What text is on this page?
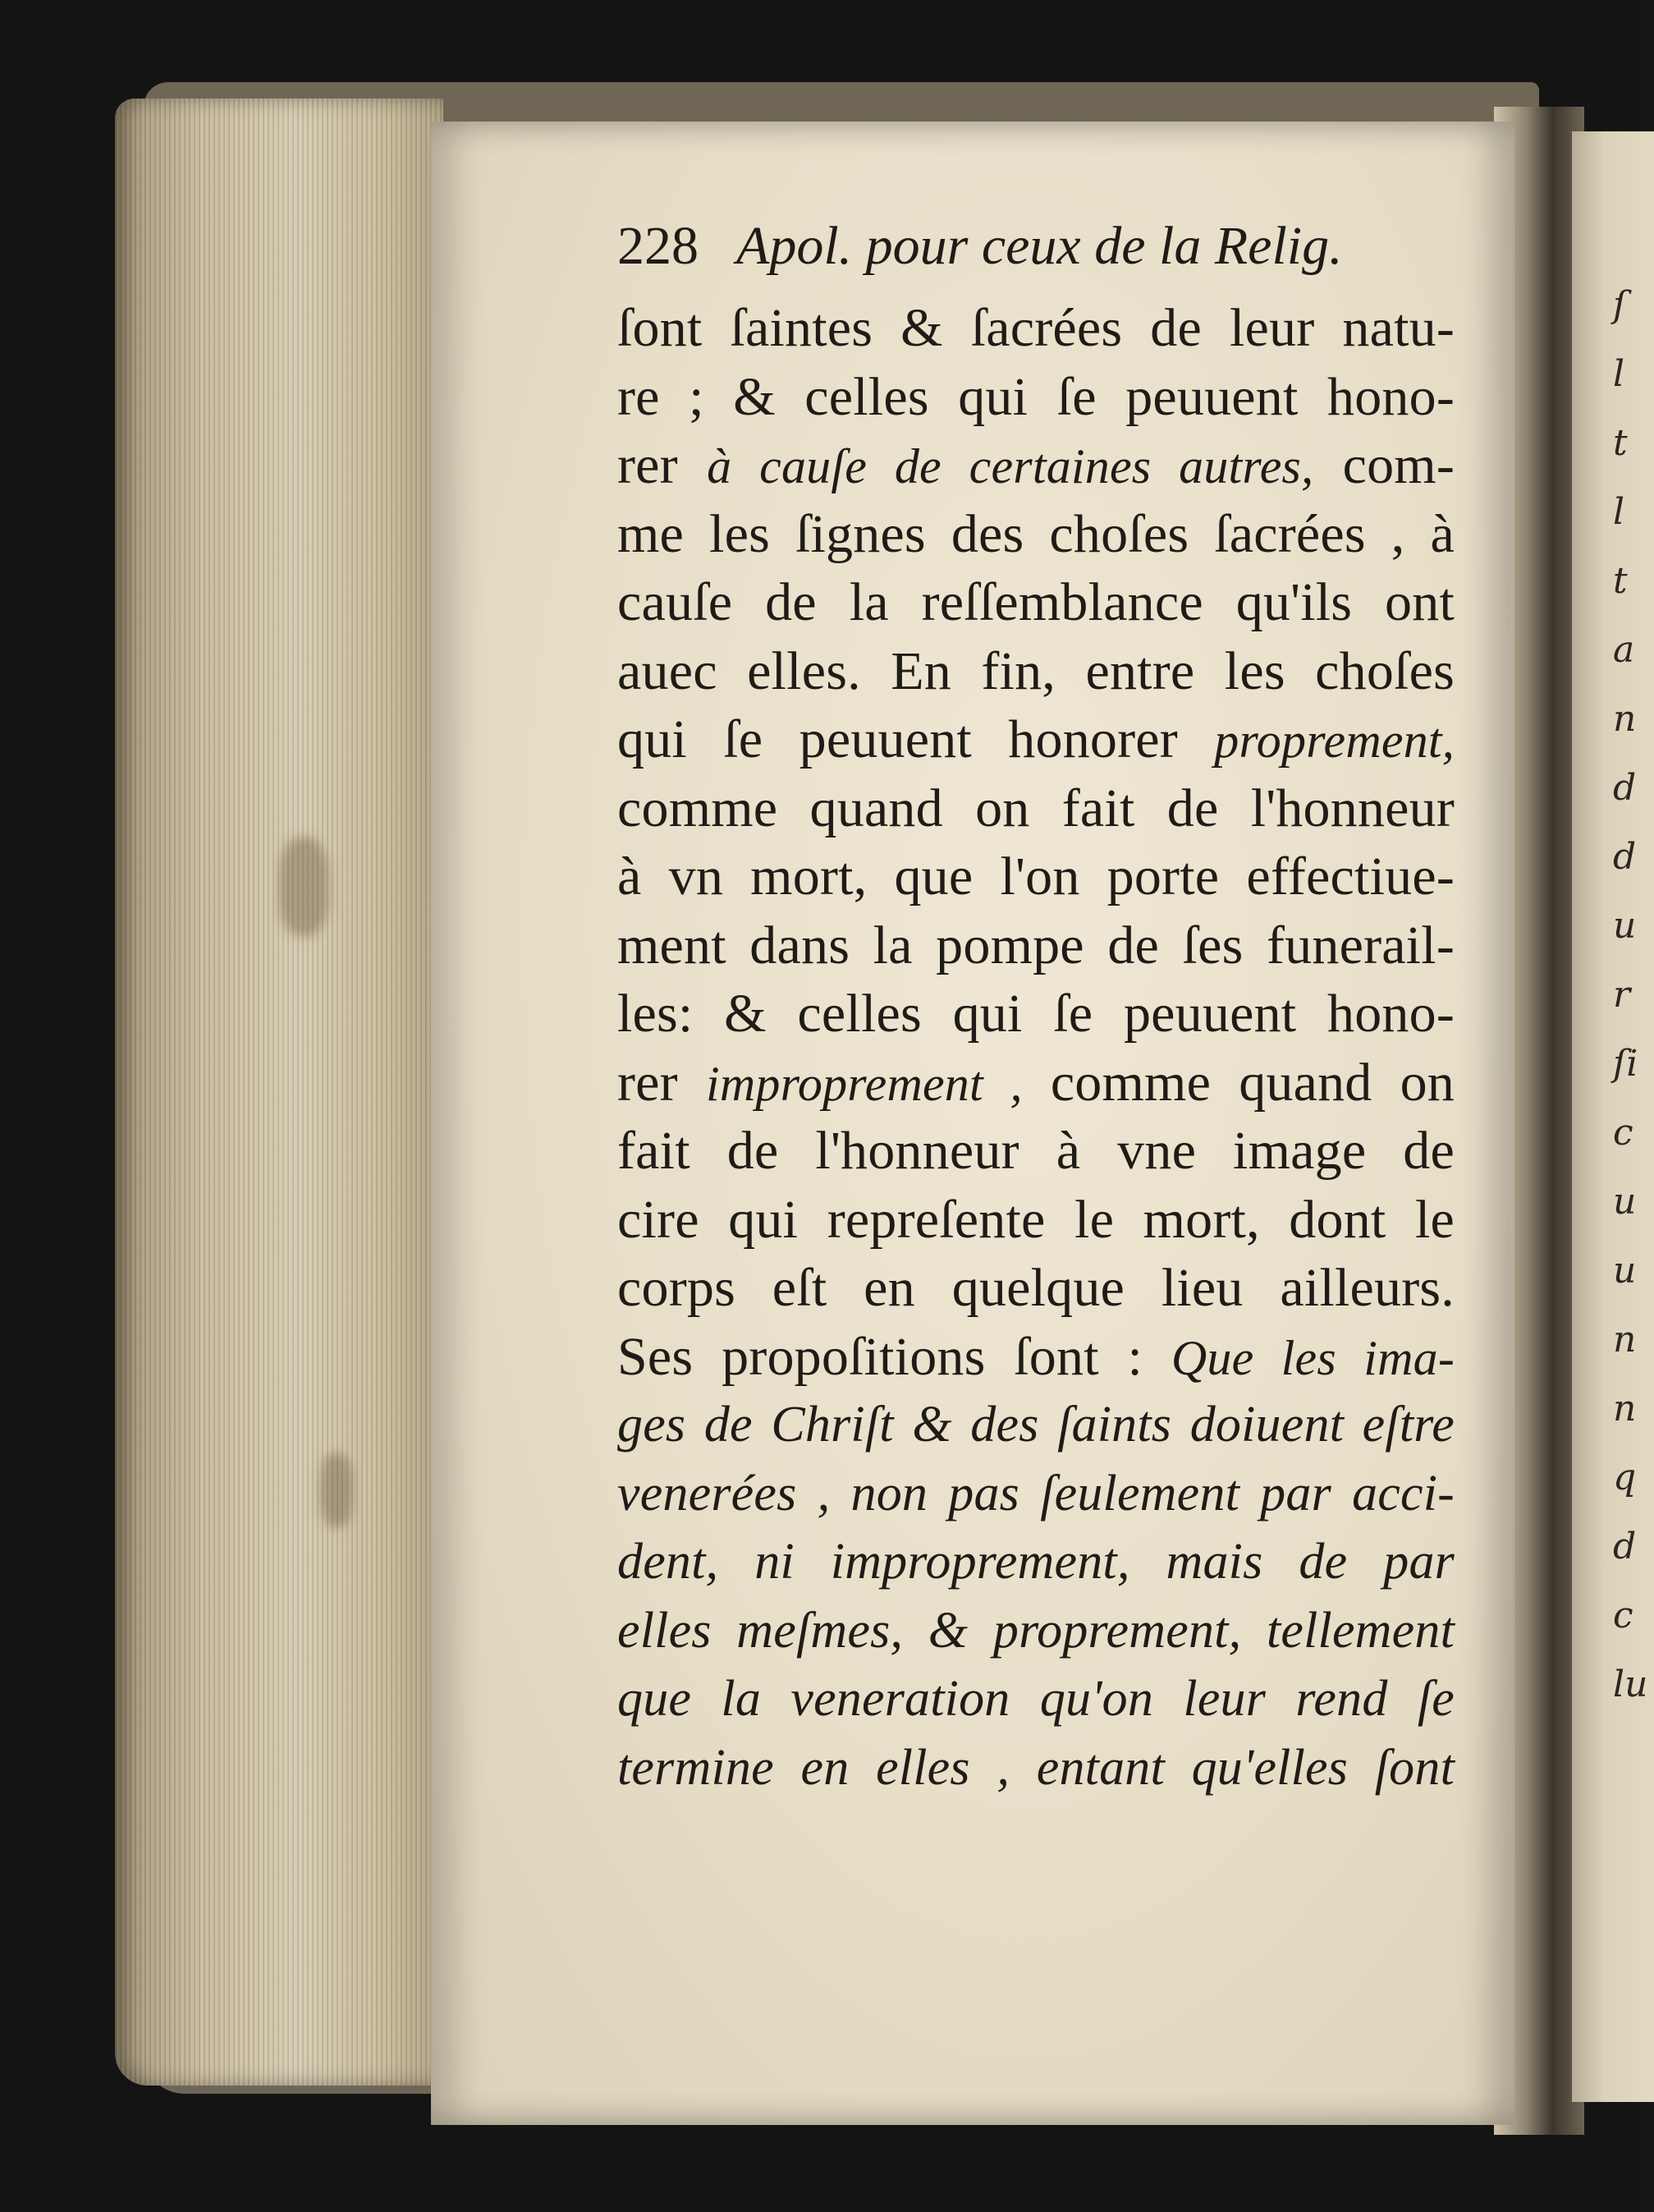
ſ
l
t
l
t
a
n
d
d
u
r
ſi
c
u
u
n
n
q
d
c
lu
228 Apol. pour ceux de la Relig.
ſont ſaintes & ſacrées de leur natu-
re ; & celles qui ſe peuuent hono-
rer à cauſe de certaines autres, com-
me les ſignes des choſes ſacrées , à
cauſe de la reſſemblance qu'ils ont
auec elles. En fin, entre les choſes
qui ſe peuuent honorer proprement,
comme quand on fait de l'honneur
à vn mort, que l'on porte effectiue-
ment dans la pompe de ſes funerail-
les: & celles qui ſe peuuent hono-
rer improprement , comme quand on
fait de l'honneur à vne image de
cire qui repreſente le mort, dont le
corps eſt en quelque lieu ailleurs.
Ses propoſitions ſont : Que les ima-
ges de Chriſt & des ſaints doiuent eſtre
venerées , non pas ſeulement par acci-
dent, ni improprement, mais de par
elles meſmes, & proprement, tellement
que la veneration qu'on leur rend ſe
termine en elles , entant qu'elles ſont
